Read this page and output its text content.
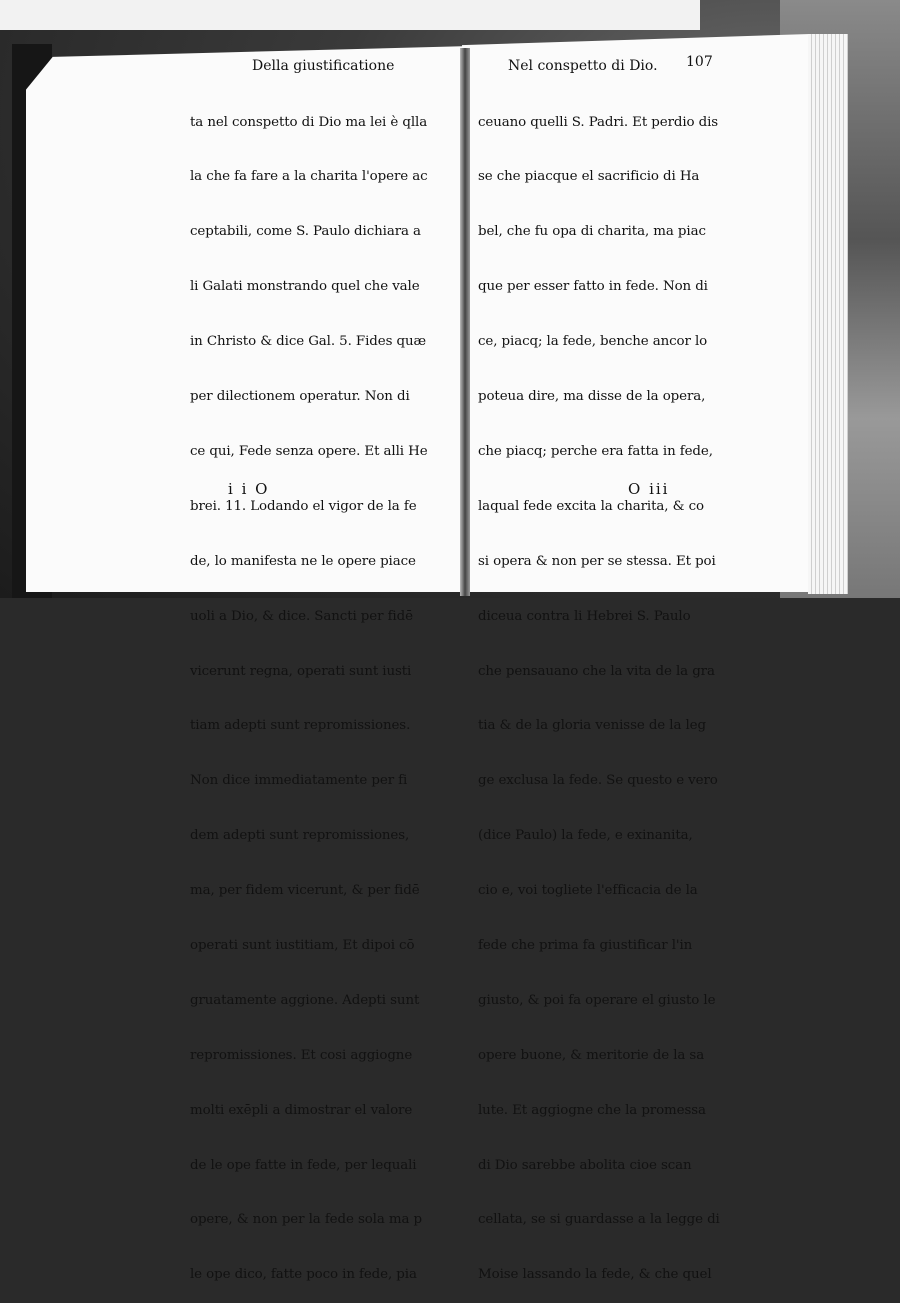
Della giustificatione	Nel conspetto di Dio. 107

ta nel conspetto di Dio ma lei è qlla

la che fa fare a la charita l'opere ac

ceptabili, come S. Paulo dichiara a

li Galati monstrando quel che vale

in Christo & dice Gal. 5. Fides quæ

per dilectionem operatur. Non di

ce qui, Fede senza opere. Et alli He

brei. 11. Lodando el vigor de la fe

de, lo manifesta ne le opere piace

uoli a Dio, & dice. Sancti per fidē

vicerunt regna, operati sunt iusti

tiam adepti sunt repromissiones.

Non dice immediatamente per fi

dem adepti sunt repromissiones,

ma, per fidem vicerunt, & per fidē

operati sunt iustitiam, Et dipoi cō

gruatamente aggione. Adepti sunt

repromissiones. Et cosi aggiogne

molti exēpli a dimostrar el valore

de le ope fatte in fede, per lequali

opere, & non per la fede sola ma p

le ope dico, fatte poco in fede, pia

ceuano quelli S. Padri. Et perdio dis

se che piacque el sacrificio di Ha

bel, che fu opa di charita, ma piac

que per esser fatto in fede. Non di

ce, piacq; la fede, benche ancor lo

poteua dire, ma disse de la opera,

che piacq; perche era fatta in fede,

laqual fede excita la charita, & co

si opera & non per se stessa. Et poi

diceua contra li Hebrei S. Paulo

che pensauano che la vita de la gra

tia & de la gloria venisse de la leg

ge exclusa la fede. Se questo e vero

(dice Paulo) la fede, e exinanita,

cio e, voi togliete l'efficacia de la

fede che prima fa giustificar l'in

giusto, & poi fa operare el giusto le

opere buone, & meritorie de la sa

lute. Et aggiogne che la promessa

di Dio sarebbe abolita cioe scan

cellata, se si guardasse a la legge di

Moise lassando la fede, & che quel

i i O	O iii
